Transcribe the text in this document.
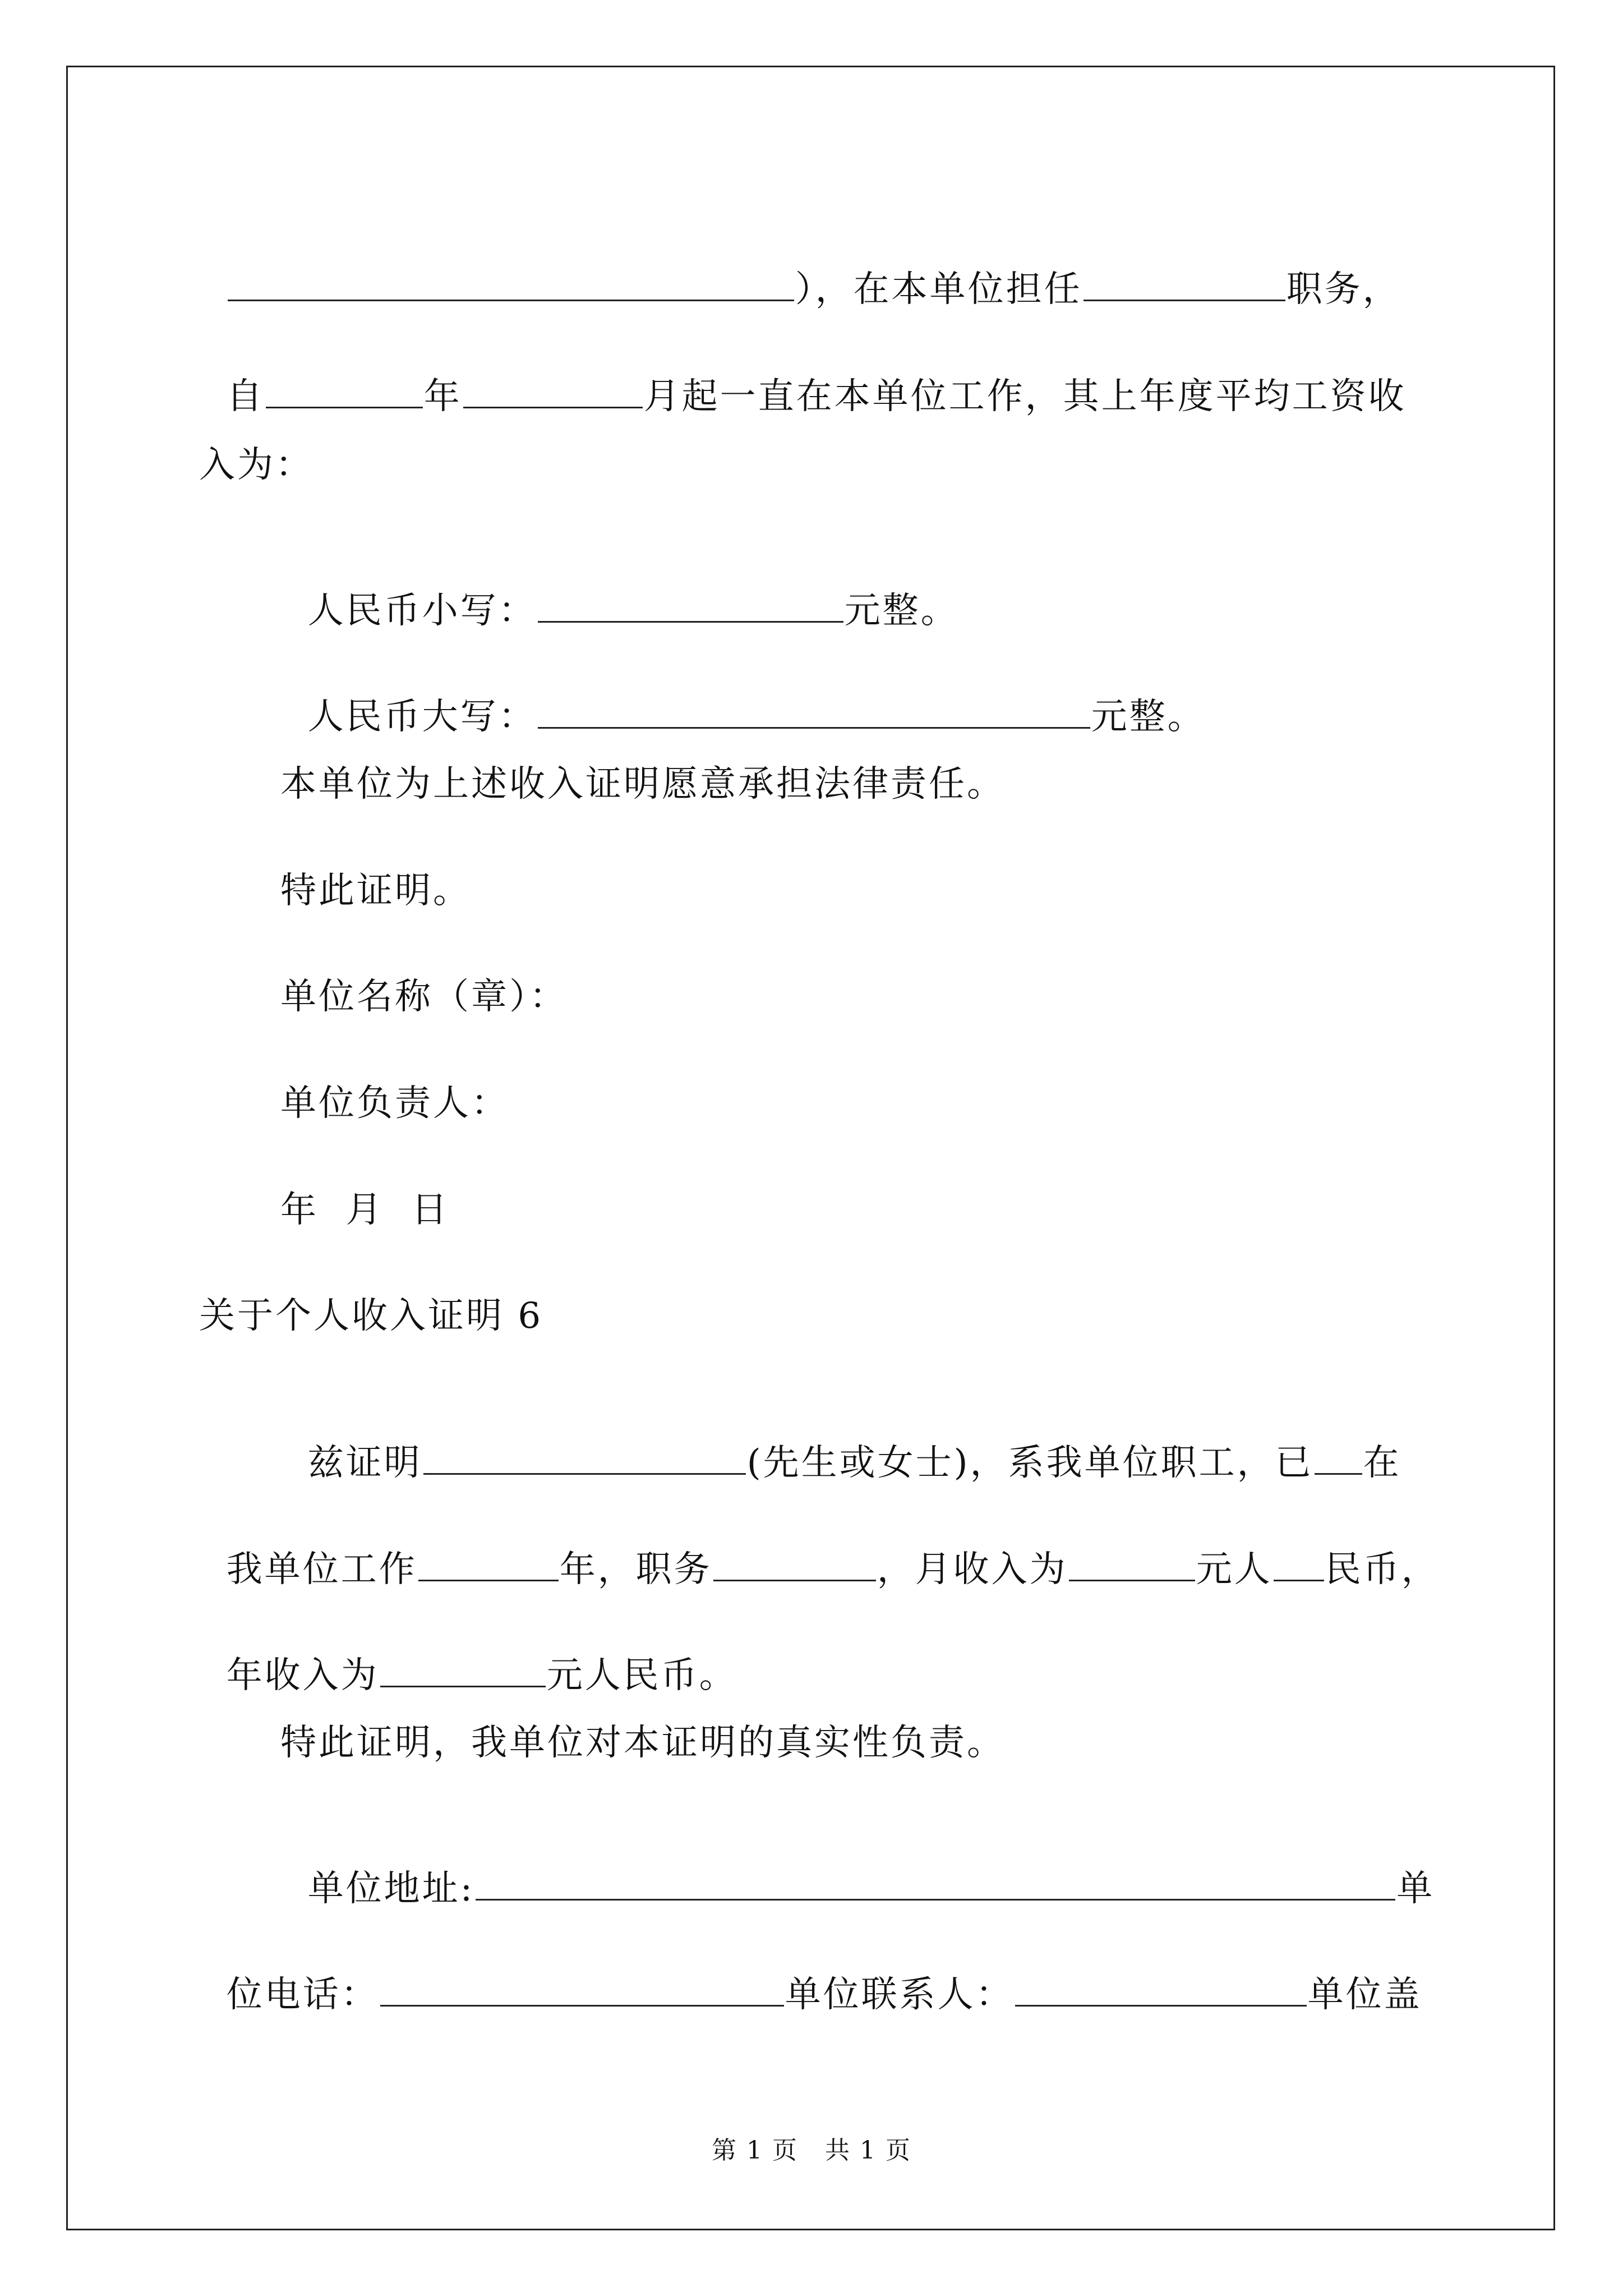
），在本单位担任	职务，

自	年	月起一直在本单位工作，其上年度平均工资收

入为：

人民币小写：	元整。

人民币大写：	元整。

本单位为上述收入证明愿意承担法律责任。
特此证明。
单位名称（章）：
单位负责人：
年  月  日
关于个人收入证明 6

兹证明	(先生或女士)，系我单位职工，已 在

我单位工作	年，职务	，月收入为	元人 民币，

年收入为	元人民币。

特此证明，我单位对本证明的真实性负责。

单位地址:	单

位电话：	单位联系人：	单位盖

第 1 页 共 1 页
